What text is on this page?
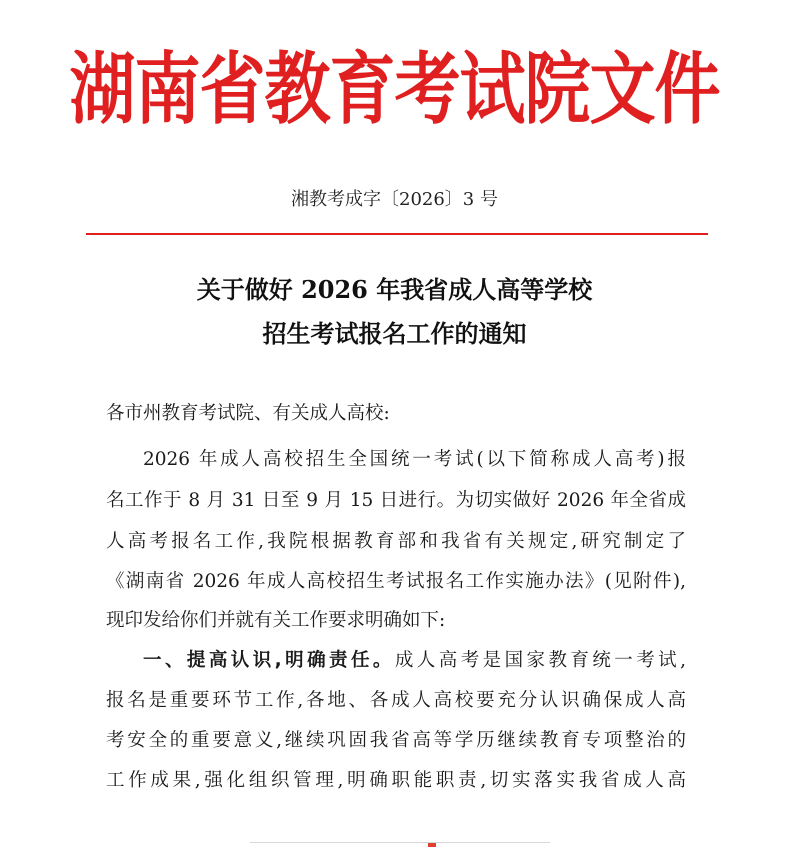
湖南省教育考试院文件
湘教考成字〔2026〕3 号
关于做好 2026 年我省成人高等学校
招生考试报名工作的通知
各市州教育考试院、有关成人高校:
2026 年成人高校招生全国统一考试(以下简称成人高考)报
名工作于 8 月 31 日至 9 月 15 日进行。为切实做好 2026 年全省成
人高考报名工作,我院根据教育部和我省有关规定,研究制定了
《湖南省 2026 年成人高校招生考试报名工作实施办法》(见附件),
现印发给你们并就有关工作要求明确如下:
一、提高认识,明确责任。成人高考是国家教育统一考试,
报名是重要环节工作,各地、各成人高校要充分认识确保成人高
考安全的重要意义,继续巩固我省高等学历继续教育专项整治的
工作成果,强化组织管理,明确职能职责,切实落实我省成人高
